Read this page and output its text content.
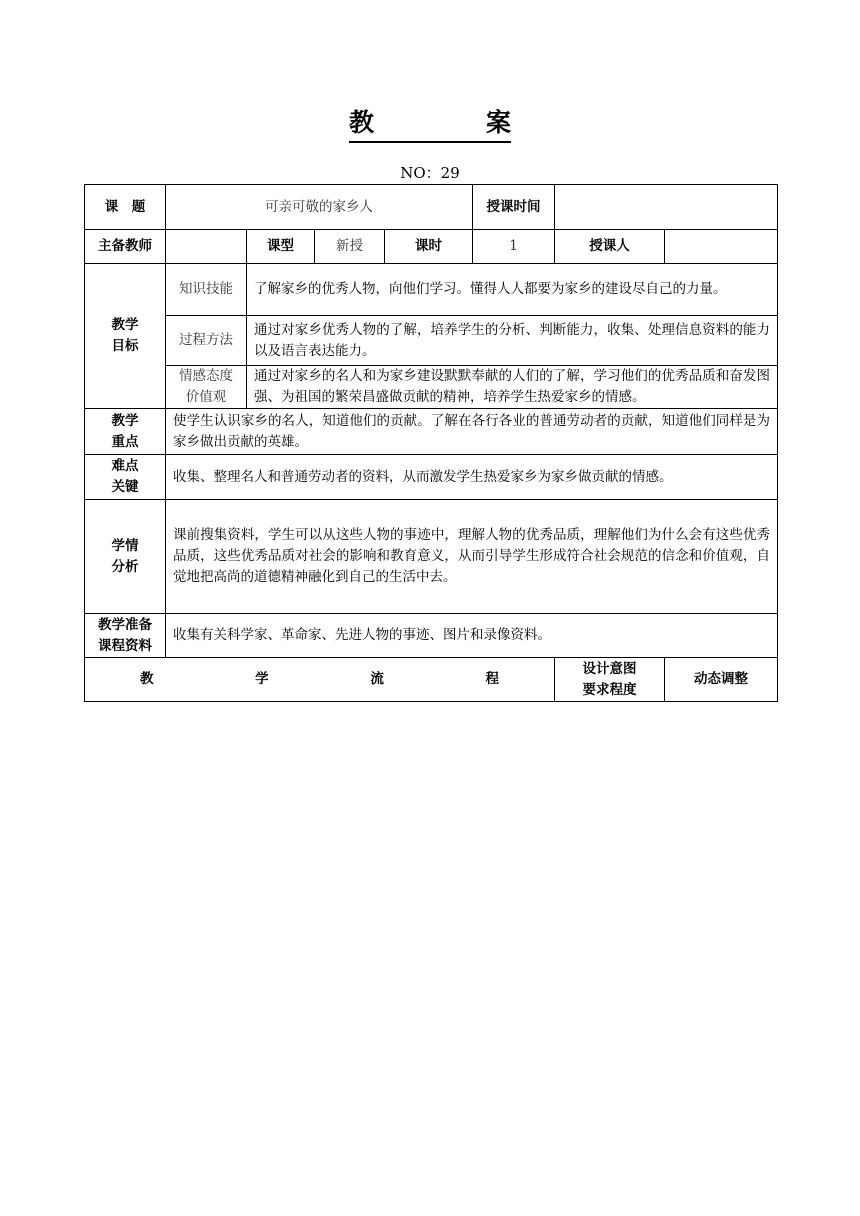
教 案
NO：29
课　题	可亲可敬的家乡人				授课时间		
主备教师		课型	新授	课时	1	授课人	

教学
目标	知识技能	了解家乡的优秀人物，向他们学习。懂得人人都要为家乡的建设尽自己的力量。					

	过程方法	通过对家乡优秀人物的了解，培养学生的分析、判断能力，收集、处理信息资料的能力以及语言表达能力。					

	情感态度
价值观	通过对家乡的名人和为家乡建设默默奉献的人们的了解，学习他们的优秀品质和奋发图强、为祖国的繁荣昌盛做贡献的精神，培养学生热爱家乡的情感。					

教学
重点	使学生认识家乡的名人，知道他们的贡献。了解在各行各业的普通劳动者的贡献，知道他们同样是为家乡做出贡献的英雄。						

难点
关键	收集、整理名人和普通劳动者的资料，从而激发学生热爱家乡为家乡做贡献的情感。						

学情
分析	课前搜集资料，学生可以从这些人物的事迹中，理解人物的优秀品质，理解他们为什么会有这些优秀品质，这些优秀品质对社会的影响和教育意义，从而引导学生形成符合社会规范的信念和价值观，自觉地把高尚的道德精神融化到自己的生活中去。						

教学准备
课程资料	收集有关科学家、革命家、先进人物的事迹、图片和录像资料。						

教 学 流 程						设计意图
要求程度	动态调整
